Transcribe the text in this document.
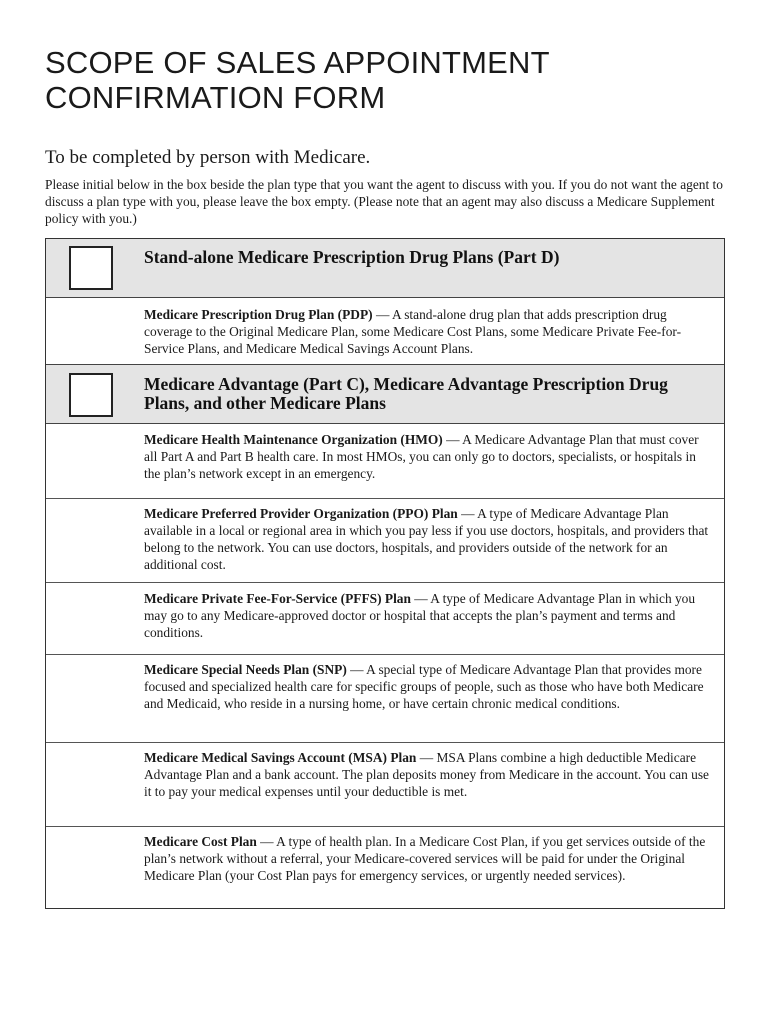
SCOPE OF SALES APPOINTMENT
CONFIRMATION FORM

To be completed by person with Medicare.

Please initial below in the box beside the plan type that you want the agent to discuss with you. If you do not want the agent to discuss a plan type with you, please leave the box empty. (Please note that an agent may also discuss a Medicare Supplement policy with you.)

Stand-alone Medicare Prescription Drug Plans (Part D)

Medicare Prescription Drug Plan (PDP) — A stand-alone drug plan that adds prescription drug coverage to the Original Medicare Plan, some Medicare Cost Plans, some Medicare Private Fee-for-Service Plans, and Medicare Medical Savings Account Plans.

Medicare Advantage (Part C), Medicare Advantage Prescription Drug Plans, and other Medicare Plans

Medicare Health Maintenance Organization (HMO) — A Medicare Advantage Plan that must cover all Part A and Part B health care. In most HMOs, you can only go to doctors, specialists, or hospitals in the plan’s network except in an emergency.

Medicare Preferred Provider Organization (PPO) Plan — A type of Medicare Advantage Plan available in a local or regional area in which you pay less if you use doctors, hospitals, and providers that belong to the network. You can use doctors, hospitals, and providers outside of the network for an additional cost.

Medicare Private Fee-For-Service (PFFS) Plan — A type of Medicare Advantage Plan in which you may go to any Medicare-approved doctor or hospital that accepts the plan’s payment and terms and conditions.

Medicare Special Needs Plan (SNP) — A special type of Medicare Advantage Plan that provides more focused and specialized health care for specific groups of people, such as those who have both Medicare and Medicaid, who reside in a nursing home, or have certain chronic medical conditions.

Medicare Medical Savings Account (MSA) Plan — MSA Plans combine a high deductible Medicare Advantage Plan and a bank account. The plan deposits money from Medicare in the account. You can use it to pay your medical expenses until your deductible is met.

Medicare Cost Plan — A type of health plan. In a Medicare Cost Plan, if you get services outside of the plan’s network without a referral, your Medicare-covered services will be paid for under the Original Medicare Plan (your Cost Plan pays for emergency services, or urgently needed services).
